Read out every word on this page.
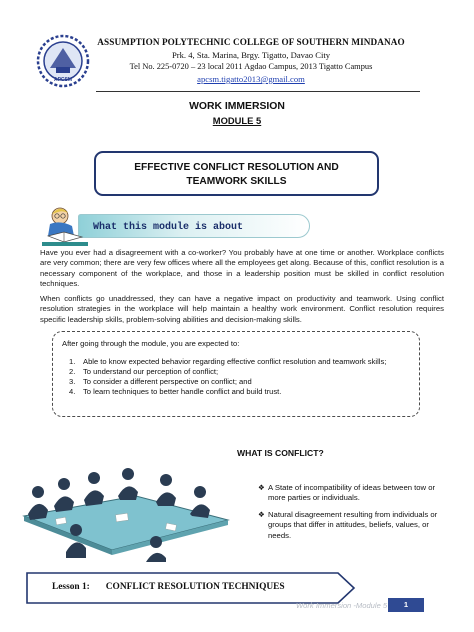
APCSM
ASSUMPTION POLYTECHNIC COLLEGE OF SOUTHERN MINDANAO
Prk. 4, Sta. Marina, Brgy. Tigatto, Davao City
Tel No. 225-0720 – 23 local 2011 Agdao Campus, 2013 Tigatto Campus
apcsm.tigatto2013@gmail.com
WORK IMMERSION
MODULE 5
EFFECTIVE CONFLICT RESOLUTION AND
TEAMWORK SKILLS
What this module is about

Have you ever had a disagreement with a co-worker? You probably have at one time or another. Workplace conflicts are very common; there are very few offices where all the employees get along. Because of this, conflict resolution is a necessary component of the workplace, and those in a leadership position must be skilled in conflict resolution techniques.

When conflicts go unaddressed, they can have a negative impact on productivity and teamwork. Using conflict resolution strategies in the workplace will help maintain a healthy work environment. Conflict resolution requires specific leadership skills, problem-solving abilities and decision-making skills.

After going through the module, you are expected to:
1.	Able to know expected behavior regarding effective conflict resolution and teamwork skills;
2.	To understand our perception of conflict;
3.	To consider a different perspective on conflict; and
4.	To learn techniques to better handle conflict and build trust.
WHAT IS CONFLICT?
❖ A State of incompatibility of ideas between tow or more parties or individuals.
❖ Natural disagreement resulting from individuals or groups that differ in attitudes, beliefs, values, or needs.
Lesson 1: CONFLICT RESOLUTION TECHNIQUES
Work Immersion -Module 5	1
